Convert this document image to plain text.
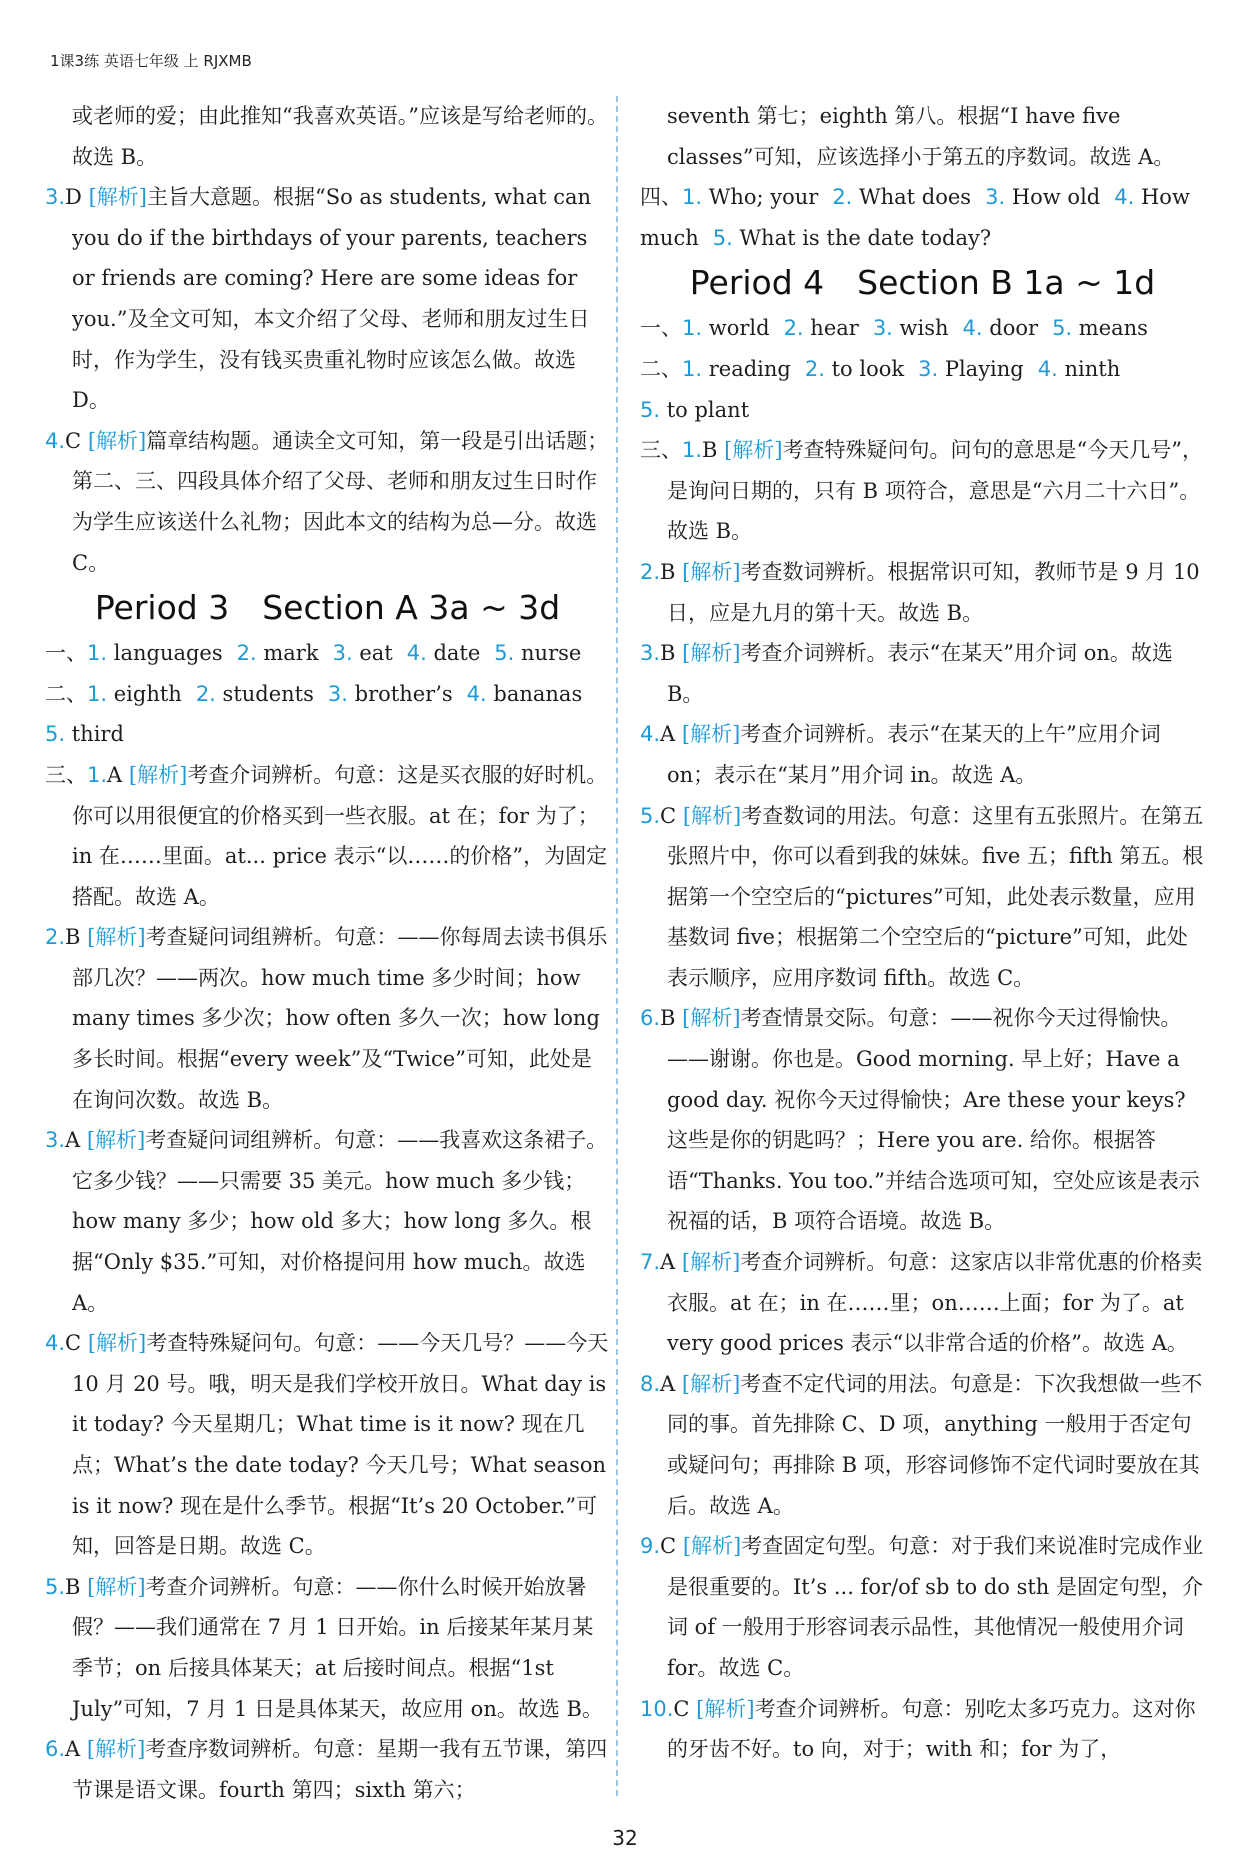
1课3练 英语七年级 上 RJXMB

或老师的爱；由此推知“我喜欢英语。”应该是写给老师的。故选 B。

3.D [解析]主旨大意题。根据“So as students, what can you do if the birthdays of your parents, teachers or friends are coming? Here are some ideas for you.”及全文可知，本文介绍了父母、老师和朋友过生日时，作为学生，没有钱买贵重礼物时应该怎么做。故选 D。

4.C [解析]篇章结构题。通读全文可知，第一段是引出话题；第二、三、四段具体介绍了父母、老师和朋友过生日时作为学生应该送什么礼物；因此本文的结构为总—分。故选 C。

Period 3　Section A 3a ~ 3d

一、1. languages 2. mark 3. eat 4. date 5. nurse

二、1. eighth 2. students 3. brother’s 4. bananas

5. third

三、1.A [解析]考查介词辨析。句意：这是买衣服的好时机。你可以用很便宜的价格买到一些衣服。at 在；for 为了；in 在……里面。at... price 表示“以……的价格”，为固定搭配。故选 A。

2.B [解析]考查疑问词组辨析。句意：——你每周去读书俱乐部几次？——两次。how much time 多少时间；how many times 多少次；how often 多久一次；how long 多长时间。根据“every week”及“Twice”可知，此处是在询问次数。故选 B。

3.A [解析]考查疑问词组辨析。句意：——我喜欢这条裙子。它多少钱？——只需要 35 美元。how much 多少钱；how many 多少；how old 多大；how long 多久。根据“Only $35.”可知，对价格提问用 how much。故选 A。

4.C [解析]考查特殊疑问句。句意：——今天几号？——今天 10 月 20 号。哦，明天是我们学校开放日。What day is it today? 今天星期几；What time is it now? 现在几点；What’s the date today? 今天几号；What season is it now? 现在是什么季节。根据“It’s 20 October.”可知，回答是日期。故选 C。

5.B [解析]考查介词辨析。句意：——你什么时候开始放暑假？——我们通常在 7 月 1 日开始。in 后接某年某月某季节；on 后接具体某天；at 后接时间点。根据“1st July”可知，7 月 1 日是具体某天，故应用 on。故选 B。

6.A [解析]考查序数词辨析。句意：星期一我有五节课，第四节课是语文课。fourth 第四；sixth 第六；

seventh 第七；eighth 第八。根据“I have five classes”可知，应该选择小于第五的序数词。故选 A。

四、1. Who; your 2. What does 3. How old 4. How much 5. What is the date today?

Period 4　Section B 1a ~ 1d

一、1. world 2. hear 3. wish 4. door 5. means

二、1. reading 2. to look 3. Playing 4. ninth

5. to plant

三、1.B [解析]考查特殊疑问句。问句的意思是“今天几号”，是询问日期的，只有 B 项符合，意思是“六月二十六日”。故选 B。

2.B [解析]考查数词辨析。根据常识可知，教师节是 9 月 10 日，应是九月的第十天。故选 B。

3.B [解析]考查介词辨析。表示“在某天”用介词 on。故选 B。

4.A [解析]考查介词辨析。表示“在某天的上午”应用介词 on；表示在“某月”用介词 in。故选 A。

5.C [解析]考查数词的用法。句意：这里有五张照片。在第五张照片中，你可以看到我的妹妹。five 五；fifth 第五。根据第一个空空后的“pictures”可知，此处表示数量，应用基数词 five；根据第二个空空后的“picture”可知，此处表示顺序，应用序数词 fifth。故选 C。

6.B [解析]考查情景交际。句意：——祝你今天过得愉快。——谢谢。你也是。Good morning. 早上好；Have a good day. 祝你今天过得愉快；Are these your keys? 这些是你的钥匙吗？；Here you are. 给你。根据答语“Thanks. You too.”并结合选项可知，空处应该是表示祝福的话，B 项符合语境。故选 B。

7.A [解析]考查介词辨析。句意：这家店以非常优惠的价格卖衣服。at 在；in 在……里；on……上面；for 为了。at very good prices 表示“以非常合适的价格”。故选 A。

8.A [解析]考查不定代词的用法。句意是：下次我想做一些不同的事。首先排除 C、D 项，anything 一般用于否定句或疑问句；再排除 B 项，形容词修饰不定代词时要放在其后。故选 A。

9.C [解析]考查固定句型。句意：对于我们来说准时完成作业是很重要的。It’s ... for/of sb to do sth 是固定句型，介词 of 一般用于形容词表示品性，其他情况一般使用介词 for。故选 C。

10.C [解析]考查介词辨析。句意：别吃太多巧克力。这对你的牙齿不好。to 向，对于；with 和；for 为了，

32
